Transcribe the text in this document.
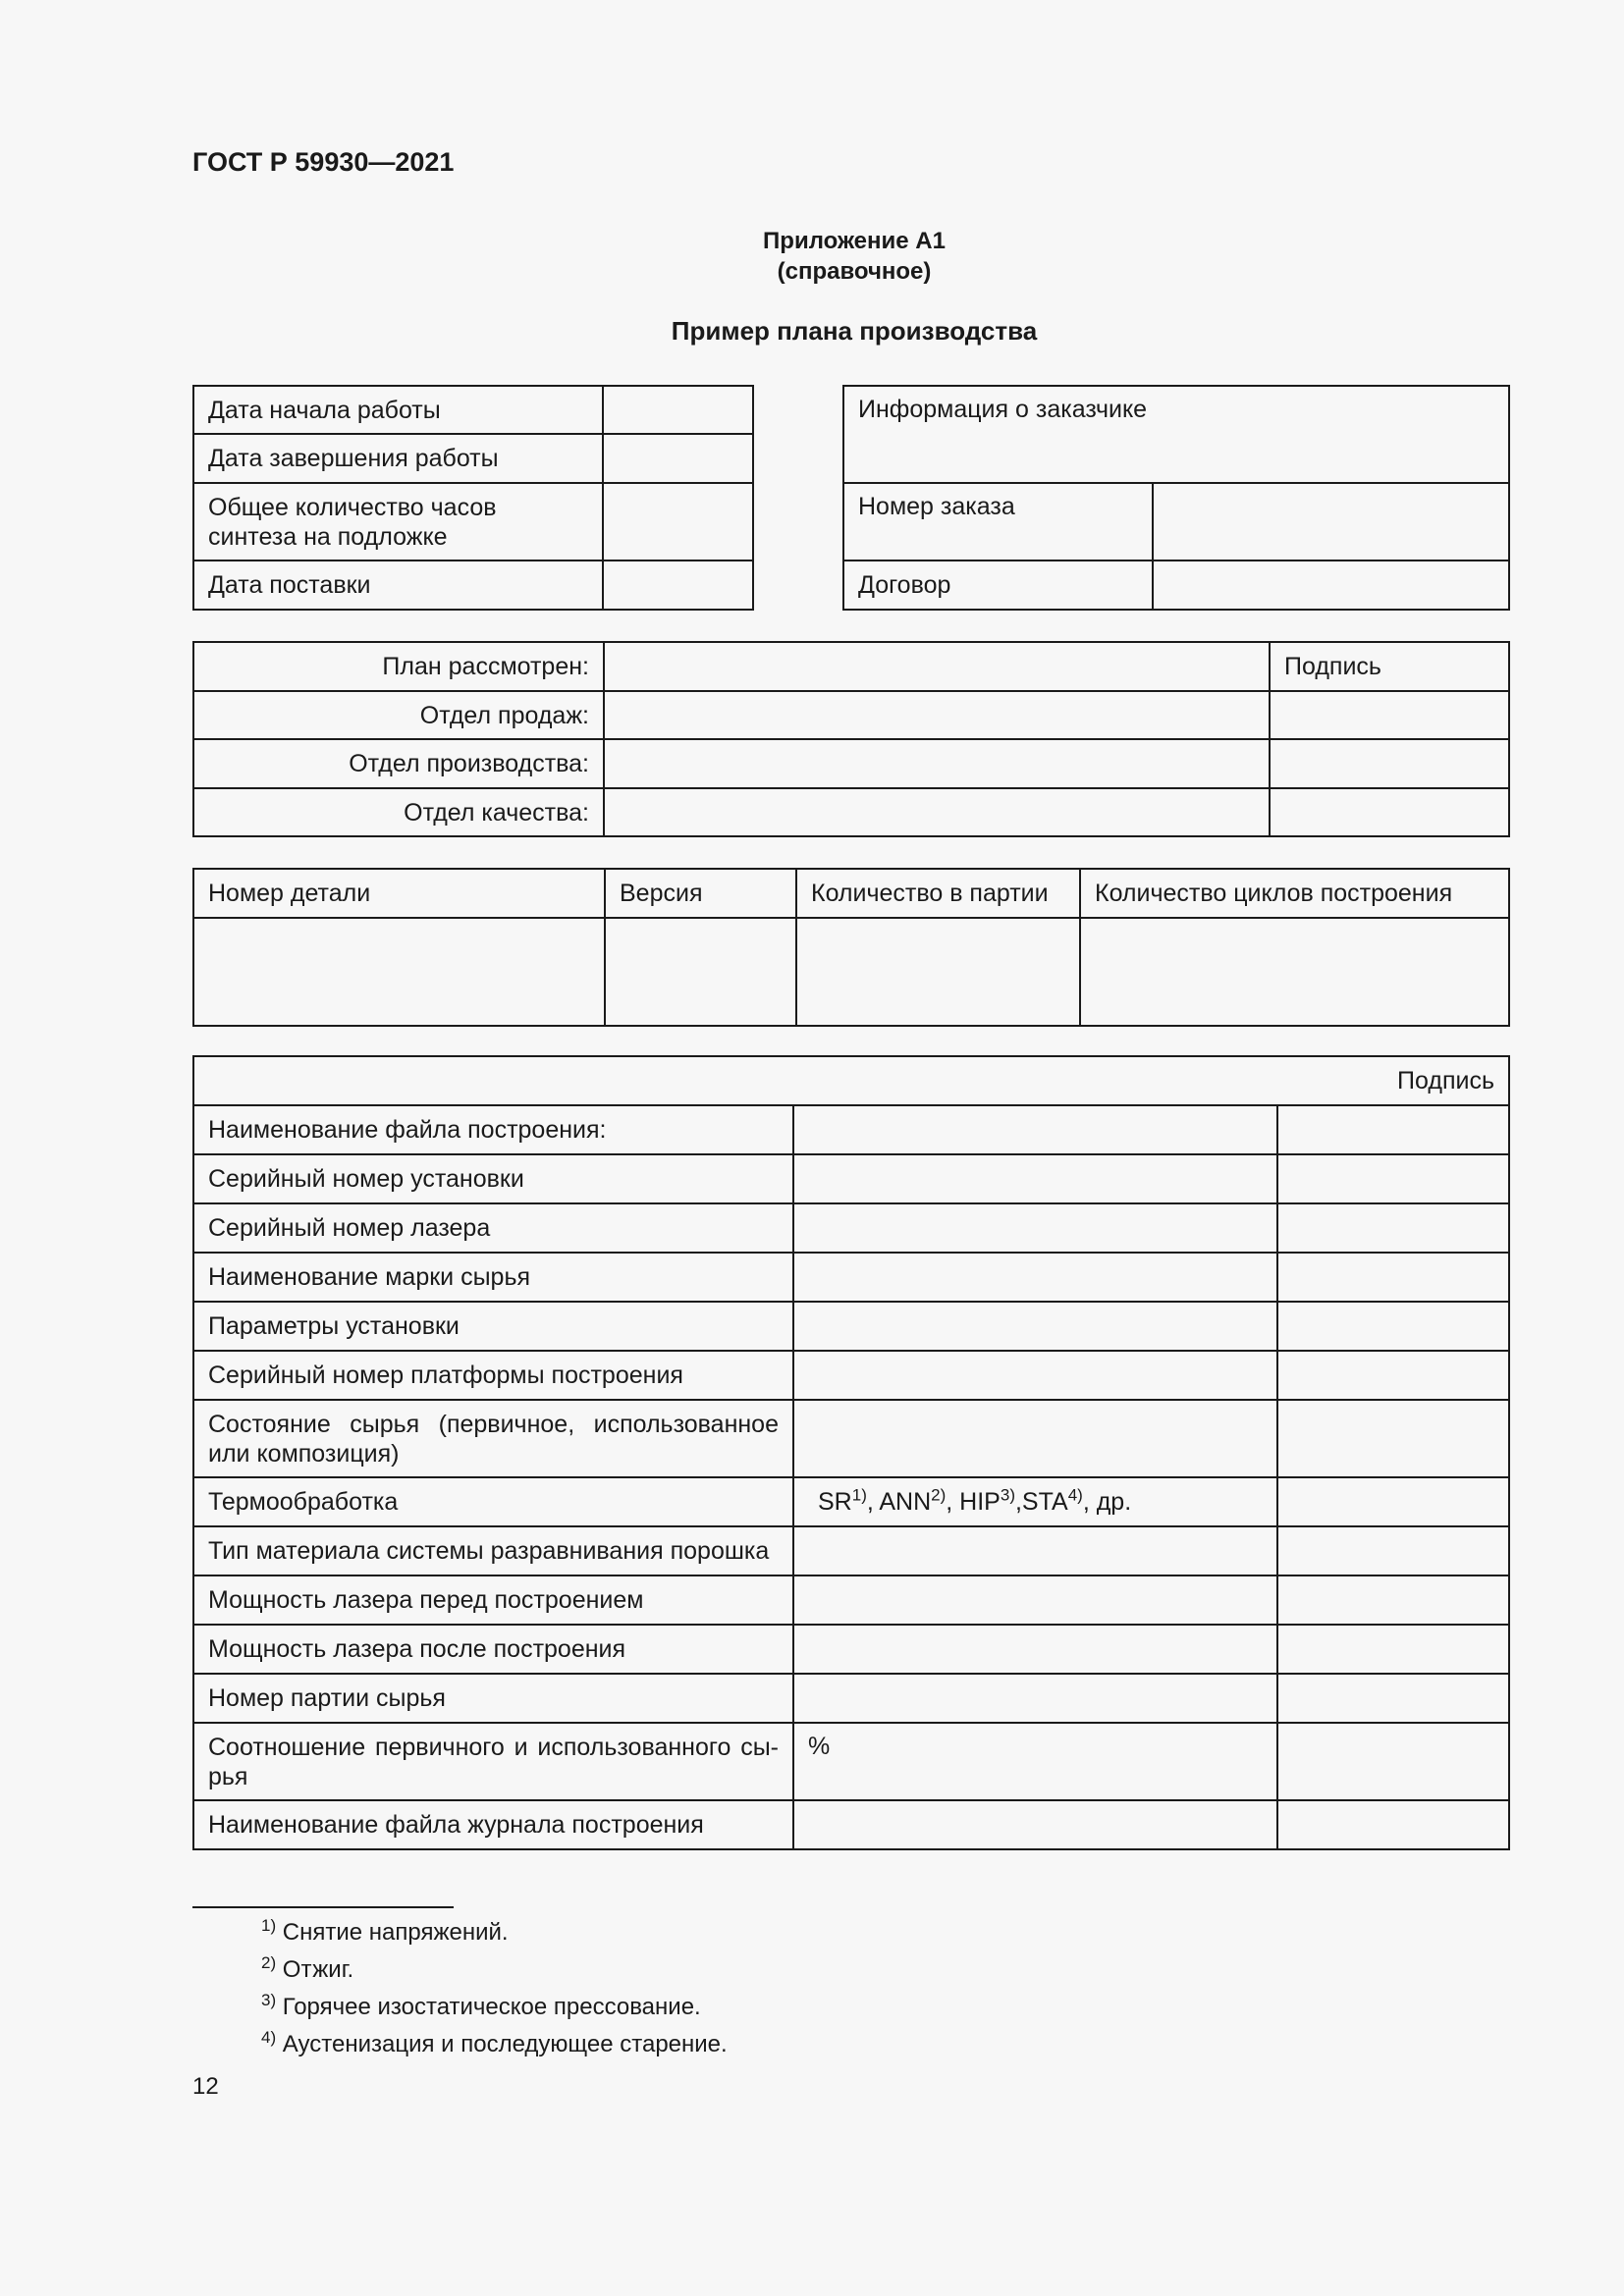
ГОСТ Р 59930—2021
Приложение А1
(справочное)
Пример плана производства
Дата начала работы	
Дата завершения работы	

Общее количество часов
синтеза на подложке	

Дата поставки	
Информация о заказчике	
Номер заказа	
Договор	
План рассмотрен:		Подпись
Отдел продаж:		
Отдел производства:		
Отдел качества:		
Номер детали	Версия	Количество в партии	Количество циклов построения

Подпись		
Наименование файла построения:		
Серийный номер установки		
Серийный номер лазера		
Наименование марки сырья		
Параметры установки		
Серийный номер платформы построения		
Состояние сырья (первичное, использованное или композиция)		
Термообработка	SR$^{1)}$, ANN$^{2)}$, HIP$^{3)}$,STA$^{4)}$, др.	
Тип материала системы разравнивания порошка		
Мощность лазера перед построением		
Мощность лазера после построения		
Номер партии сырья		
Соотношение первичного и использованного сы-рья	%	
Наименование файла журнала построения		
$^{1)}$ Снятие напряжений.
$^{2)}$ Отжиг.
$^{3)}$ Горячее изостатическое прессование.
$^{4)}$ Аустенизация и последующее старение.
12
